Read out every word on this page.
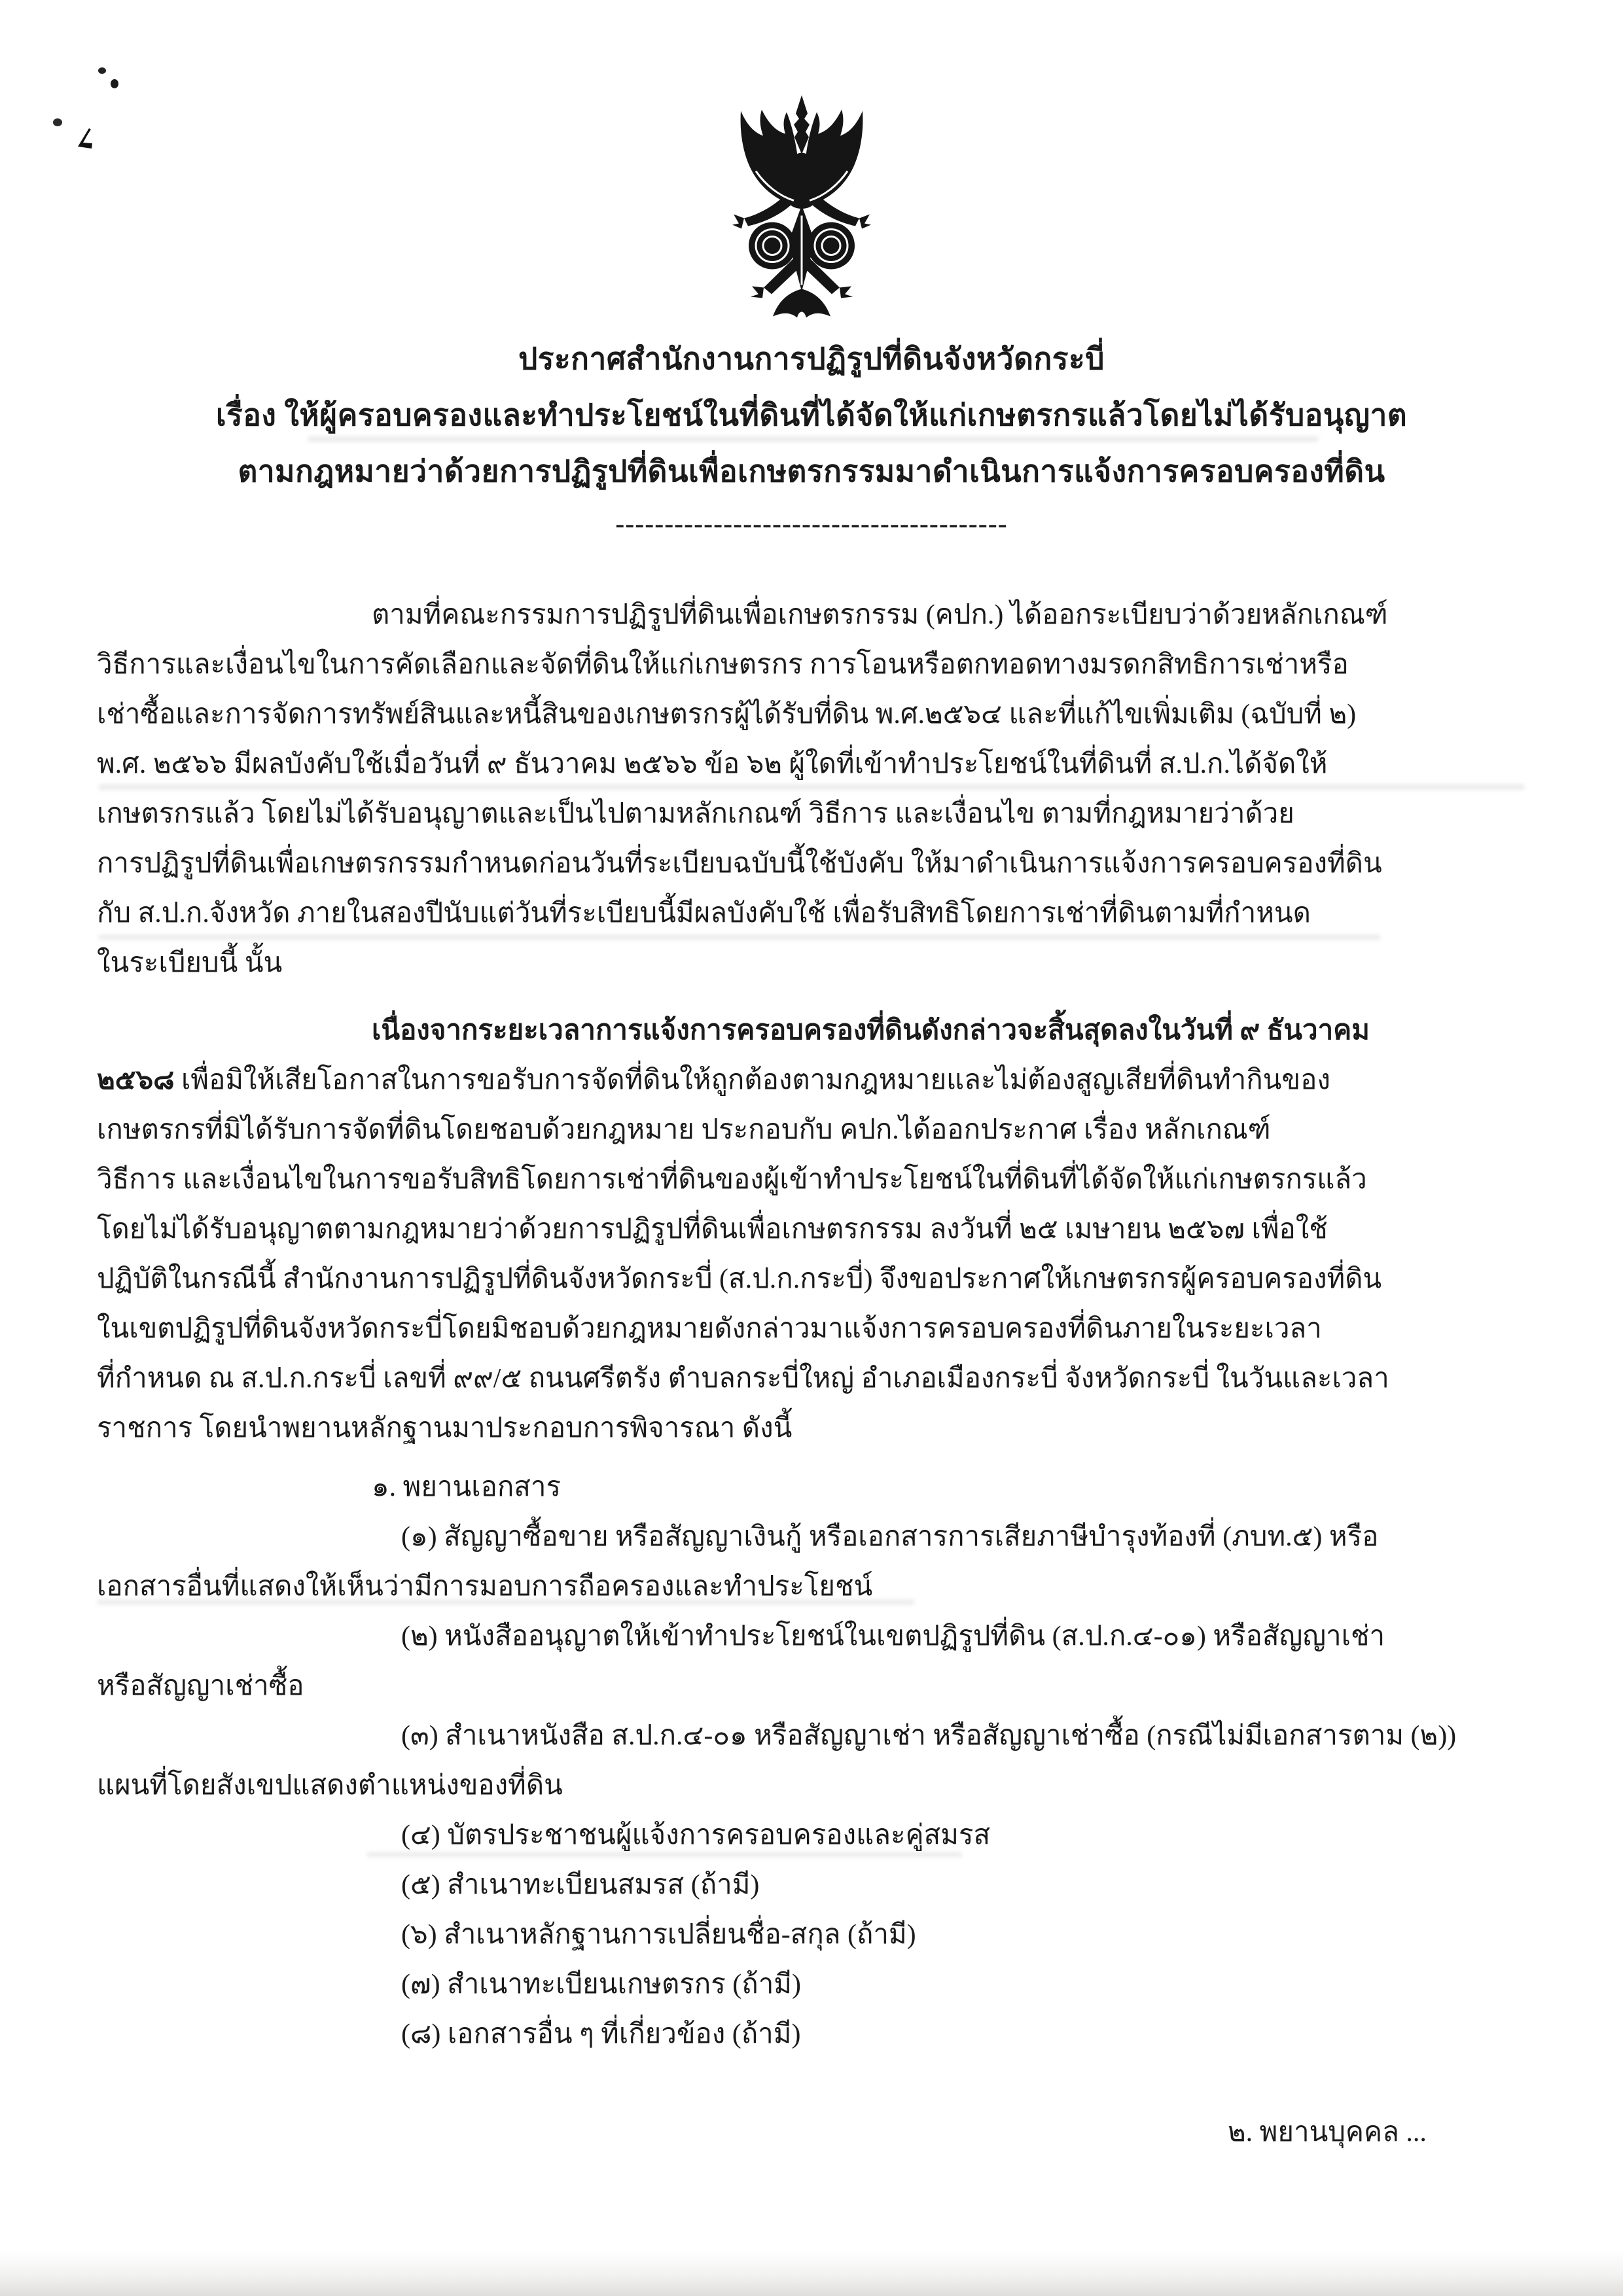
ประกาศสำนักงานการปฏิรูปที่ดินจังหวัดกระบี่
เรื่อง ให้ผู้ครอบครองและทำประโยชน์ในที่ดินที่ได้จัดให้แก่เกษตรกรแล้วโดยไม่ได้รับอนุญาต
ตามกฎหมายว่าด้วยการปฏิรูปที่ดินเพื่อเกษตรกรรมมาดำเนินการแจ้งการครอบครองที่ดิน
----------------------------------------
ตามที่คณะกรรมการปฏิรูปที่ดินเพื่อเกษตรกรรม (คปก.) ได้ออกระเบียบว่าด้วยหลักเกณฑ์
วิธีการและเงื่อนไขในการคัดเลือกและจัดที่ดินให้แก่เกษตรกร การโอนหรือตกทอดทางมรดกสิทธิการเช่าหรือ
เช่าซื้อและการจัดการทรัพย์สินและหนี้สินของเกษตรกรผู้ได้รับที่ดิน พ.ศ.๒๕๖๔ และที่แก้ไขเพิ่มเติม (ฉบับที่ ๒)
พ.ศ. ๒๕๖๖ มีผลบังคับใช้เมื่อวันที่ ๙ ธันวาคม ๒๕๖๖ ข้อ ๖๒ ผู้ใดที่เข้าทำประโยชน์ในที่ดินที่ ส.ป.ก.ได้จัดให้
เกษตรกรแล้ว โดยไม่ได้รับอนุญาตและเป็นไปตามหลักเกณฑ์ วิธีการ และเงื่อนไข ตามที่กฎหมายว่าด้วย
การปฏิรูปที่ดินเพื่อเกษตรกรรมกำหนดก่อนวันที่ระเบียบฉบับนี้ใช้บังคับ ให้มาดำเนินการแจ้งการครอบครองที่ดิน
กับ ส.ป.ก.จังหวัด ภายในสองปีนับแต่วันที่ระเบียบนี้มีผลบังคับใช้ เพื่อรับสิทธิโดยการเช่าที่ดินตามที่กำหนด
ในระเบียบนี้ นั้น
เนื่องจากระยะเวลาการแจ้งการครอบครองที่ดินดังกล่าวจะสิ้นสุดลงในวันที่ ๙ ธันวาคม
๒๕๖๘ เพื่อมิให้เสียโอกาสในการขอรับการจัดที่ดินให้ถูกต้องตามกฎหมายและไม่ต้องสูญเสียที่ดินทำกินของ
เกษตรกรที่มิได้รับการจัดที่ดินโดยชอบด้วยกฎหมาย ประกอบกับ คปก.ได้ออกประกาศ เรื่อง หลักเกณฑ์
วิธีการ และเงื่อนไขในการขอรับสิทธิโดยการเช่าที่ดินของผู้เข้าทำประโยชน์ในที่ดินที่ได้จัดให้แก่เกษตรกรแล้ว
โดยไม่ได้รับอนุญาตตามกฎหมายว่าด้วยการปฏิรูปที่ดินเพื่อเกษตรกรรม ลงวันที่ ๒๕ เมษายน ๒๕๖๗ เพื่อใช้
ปฏิบัติในกรณีนี้ สำนักงานการปฏิรูปที่ดินจังหวัดกระบี่ (ส.ป.ก.กระบี่) จึงขอประกาศให้เกษตรกรผู้ครอบครองที่ดิน
ในเขตปฏิรูปที่ดินจังหวัดกระบี่โดยมิชอบด้วยกฎหมายดังกล่าวมาแจ้งการครอบครองที่ดินภายในระยะเวลา
ที่กำหนด ณ ส.ป.ก.กระบี่ เลขที่ ๙๙/๕ ถนนศรีตรัง ตำบลกระบี่ใหญ่ อำเภอเมืองกระบี่ จังหวัดกระบี่ ในวันและเวลา
ราชการ โดยนำพยานหลักฐานมาประกอบการพิจารณา ดังนี้
๑. พยานเอกสาร
(๑) สัญญาซื้อขาย หรือสัญญาเงินกู้ หรือเอกสารการเสียภาษีบำรุงท้องที่ (ภบท.๕) หรือ
เอกสารอื่นที่แสดงให้เห็นว่ามีการมอบการถือครองและทำประโยชน์
(๒) หนังสืออนุญาตให้เข้าทำประโยชน์ในเขตปฏิรูปที่ดิน (ส.ป.ก.๔-๐๑) หรือสัญญาเช่า
หรือสัญญาเช่าซื้อ
(๓) สำเนาหนังสือ ส.ป.ก.๔-๐๑ หรือสัญญาเช่า หรือสัญญาเช่าซื้อ (กรณีไม่มีเอกสารตาม (๒))
แผนที่โดยสังเขปแสดงตำแหน่งของที่ดิน
(๔) บัตรประชาชนผู้แจ้งการครอบครองและคู่สมรส
(๕) สำเนาทะเบียนสมรส (ถ้ามี)
(๖) สำเนาหลักฐานการเปลี่ยนชื่อ-สกุล (ถ้ามี)
(๗) สำเนาทะเบียนเกษตรกร (ถ้ามี)
(๘) เอกสารอื่น ๆ ที่เกี่ยวข้อง (ถ้ามี)
๒. พยานบุคคล ...
